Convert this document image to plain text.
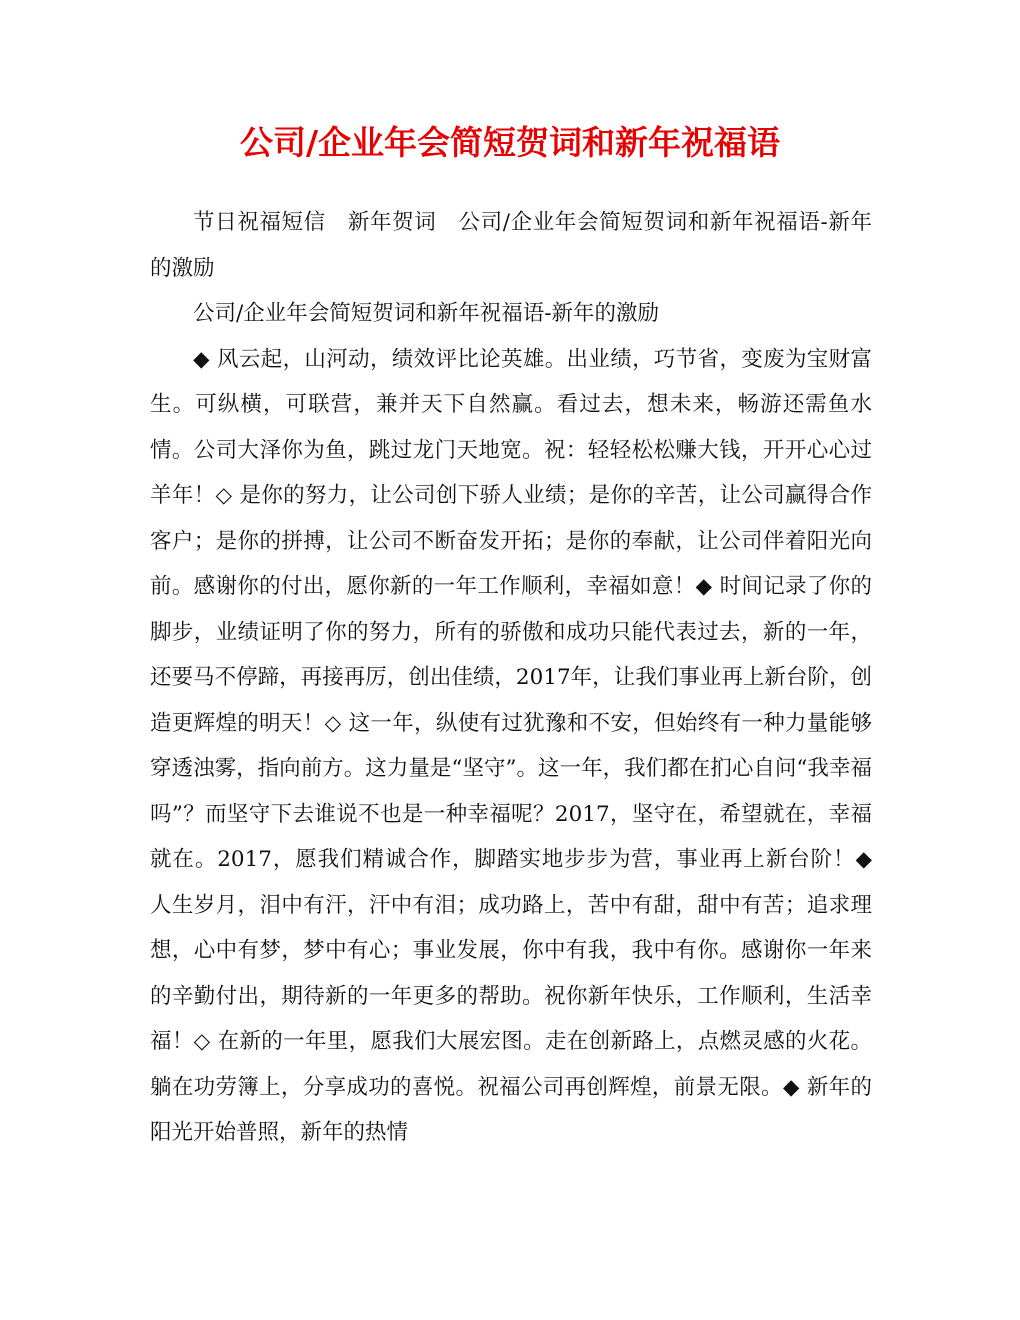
公司/企业年会简短贺词和新年祝福语

节日祝福短信　新年贺词　公司/企业年会简短贺词和新年祝福语-新年的激励

公司/企业年会简短贺词和新年祝福语-新年的激励

◆ 风云起，山河动，绩效评比论英雄。出业绩，巧节省，变废为宝财富生。可纵横，可联营，兼并天下自然赢。看过去，想未来，畅游还需鱼水情。公司大泽你为鱼，跳过龙门天地宽。祝：轻轻松松赚大钱，开开心心过羊年！◇ 是你的努力，让公司创下骄人业绩；是你的辛苦，让公司赢得合作客户；是你的拼搏，让公司不断奋发开拓；是你的奉献，让公司伴着阳光向前。感谢你的付出，愿你新的一年工作顺利，幸福如意！◆ 时间记录了你的脚步，业绩证明了你的努力，所有的骄傲和成功只能代表过去，新的一年，还要马不停蹄，再接再厉，创出佳绩，2017年，让我们事业再上新台阶，创造更辉煌的明天！◇ 这一年，纵使有过犹豫和不安，但始终有一种力量能够穿透浊雾，指向前方。这力量是“坚守”。这一年，我们都在扪心自问“我幸福吗”？而坚守下去谁说不也是一种幸福呢？2017，坚守在，希望就在，幸福就在。2017，愿我们精诚合作，脚踏实地步步为营，事业再上新台阶！◆ 人生岁月，泪中有汗，汗中有泪；成功路上，苦中有甜，甜中有苦；追求理想，心中有梦，梦中有心；事业发展，你中有我，我中有你。感谢你一年来的辛勤付出，期待新的一年更多的帮助。祝你新年快乐，工作顺利，生活幸福！◇ 在新的一年里，愿我们大展宏图。走在创新路上，点燃灵感的火花。躺在功劳簿上，分享成功的喜悦。祝福公司再创辉煌，前景无限。◆ 新年的阳光开始普照，新年的热情
